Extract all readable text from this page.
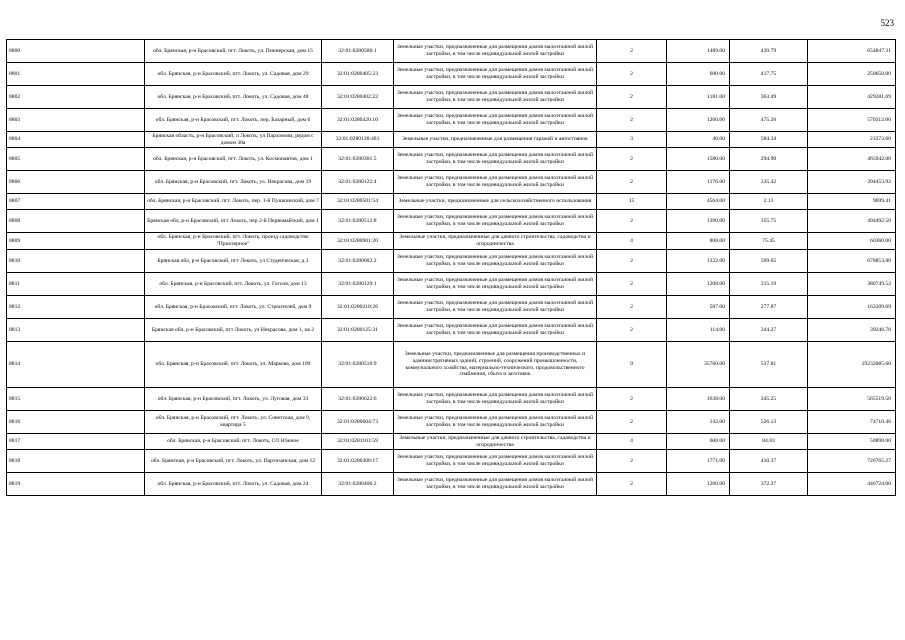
523
8800	обл. Брянская, р-н Брасовский, пгт. Локоть, ул. Пионерская, дом 15	32:01:0280506:1	Земельные участки, предназначенные для размещения домов малоэтажной жилой застройки, в том числе индивидуальной жилой застройки	2	1489.00	439.79	654847.31
8801	обл. Брянская, р-н Брасовский, пгт. Локоть, ул. Садовая, дом 29	32:01:0280405:23	Земельные участки, предназначенные для размещения домов малоэтажной жилой застройки, в том числе индивидуальной жилой застройки	2	600.00	417.75	250650.00
8802	обл. Брянская, р-н Брасовский, пгт. Локоть, ул. Садовая, дом 48	32:01:0280402:22	Земельные участки, предназначенные для размещения домов малоэтажной жилой застройки, в том числе индивидуальной жилой застройки	2	1181.00	363.49	429281.69
8803	обл. Брянская, р-н Брасовский, пгт. Локоть, пер. Базарный, дом 6	32:01:0280420:10	Земельные участки, предназначенные для размещения домов малоэтажной жилой застройки, в том числе индивидуальной жилой застройки	2	1200.00	475.26	570312.00
8804	Брянская область, р-н Брасовский, п Локоть, ул Пархомова, рядом с домом 38а	32:01:0280128:481	Земельные участки, предназначенные для размещения гаражей и автостоянок	3	40.00	584.34	23373.60
8805	обл. Брянская, р-н Брасовский, пгт. Локоть, ул. Космонавтов, дом 1	32:01:0280301:5	Земельные участки, предназначенные для размещения домов малоэтажной жилой застройки, в том числе индивидуальной жилой застройки	2	1580.00	294.90	465942.00
8806	обл. Брянская, р-н Брасовский, пгт. Локоть, ул. Некрасова, дом 19	32:01:0280122:4	Земельные участки, предназначенные для размещения домов малоэтажной жилой застройки, в том числе индивидуальной жилой застройки	2	1176.00	335.42	394453.92
8807	обл. Брянская, р-н Брасовский, пгт. Локоть, пер. 1-й Пушкинский, дом 7	32:01:0280501:54	Земельные участки, предназначенные для сельскохозяйственного использования	15	4564.00	2.13	9699.41
8808	Брянская обл, р-н Брасовский, пгт Локоть, пер 2-й Первомайский, дом 1	32:01:0280512:8	Земельные участки, предназначенные для размещения домов малоэтажной жилой застройки, в том числе индивидуальной жилой застройки	2	1390.00	355.75	494492.50
8809	обл. Брянская, р-н Брасовский, пгт. Локоть, проезд садоводство "Приозерное"	32:01:0280901:20	Земельные участки, предназначенные для дачного строительства, садоводства и огородничества	4	800.00	75.45	60360.00
8810	Брянская обл, р-н Брасовский, пгт Локоть, ул Студенческая, д.1	32:01:0280602:2	Земельные участки, предназначенные для размещения домов малоэтажной жилой застройки, в том числе индивидуальной жилой застройки	2	1332.00	509.65	678853.80
8811	обл. Брянская, р-н Брасовский, пгт. Локоть, ул. Гоголя, дом 13	32:01:0280120:1	Земельные участки, предназначенные для размещения домов малоэтажной жилой застройки, в том числе индивидуальной жилой застройки	2	1208.00	315.19	380749.52
8812	обл. Брянская, р-н Брасовский, пгт. Локоть, ул. Строителей, дом 9	32:01:0280210:26	Земельные участки, предназначенные для размещения домов малоэтажной жилой застройки, в том числе индивидуальной жилой застройки	2	587.00	277.87	163109.69
8813	Брянская обл, р-н Брасовский, пгт Локоть, ул Некрасова, дом 1, кв 2	32:01:0280125:31	Земельные участки, предназначенные для размещения домов малоэтажной жилой застройки, в том числе индивидуальной жилой застройки	2	114.00	344.27	39246.78
8814	обл. Брянская, р-н Брасовский, пгт. Локоть, ул. Маркова, дом 109	32:01:0280510:9	Земельные участки, предназначенные для размещения производственных и административных зданий, строений, сооружений промышленности, коммунального хозяйства, материально-технического, продовольственного снабжения, сбыта и заготовок	9	35760.00	537.81	19232085.60
8815	обл. Брянская, р-н Брасовский, пгт. Локоть, ул. Луговая, дом 33	32:01:0280622:6	Земельные участки, предназначенные для размещения домов малоэтажной жилой застройки, в том числе индивидуальной жилой застройки	2	1638.00	345.25	565519.50
8816	обл. Брянская, р-н Брасовский, пгт. Локоть, ул. Советская, дом 9, квартира 5	32:01:0280604:73	Земельные участки, предназначенные для размещения домов малоэтажной жилой застройки, в том числе индивидуальной жилой застройки	2	142.00	526.13	74710.46
8817	обл. Брянская, р-н Брасовский, пгт. Локоть, СО Южное	32:01:0281101:59	Земельные участки, предназначенные для дачного строительства, садоводства и огородничества	4	600.00	84.83	50898.00
8818	обл. Брянская, р-н Брасовский, пгт. Локоть, ул. Партизанская, дом 12	32:01:0280306:17	Земельные участки, предназначенные для размещения домов малоэтажной жилой застройки, в том числе индивидуальной жилой застройки	2	1771.00	410.37	726765.27
8819	обл. Брянская, р-н Брасовский, пгт. Локоть, ул. Садовая, дом 24	32:01:0280406:2	Земельные участки, предназначенные для размещения домов малоэтажной жилой застройки, в том числе индивидуальной жилой застройки	2	1200.00	372.27	446724.00
